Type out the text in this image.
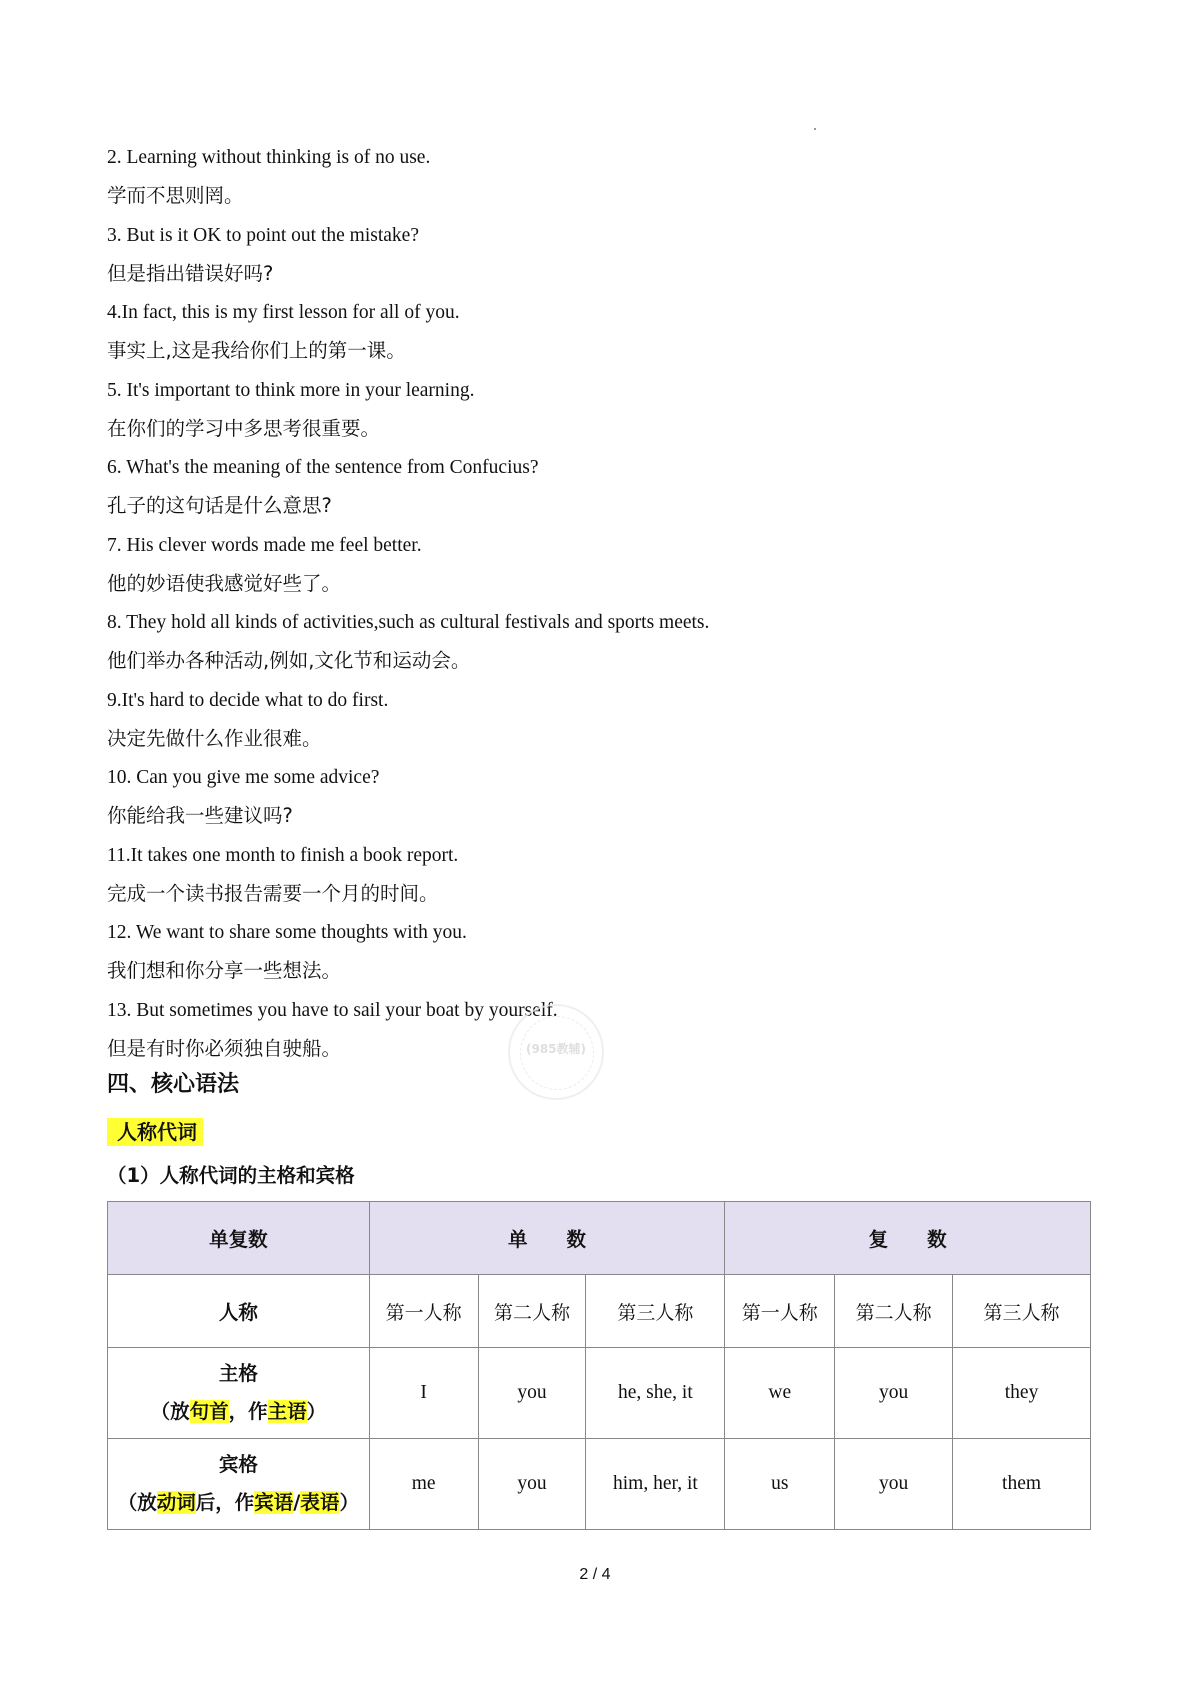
2. Learning without thinking is of no use.
学而不思则罔。
3. But is it OK to point out the mistake?
但是指出错误好吗?
4.In fact, this is my first lesson for all of you.
事实上,这是我给你们上的第一课。
5. It's important to think more in your learning.
在你们的学习中多思考很重要。
6. What's the meaning of the sentence from Confucius?
孔子的这句话是什么意思?
7. His clever words made me feel better.
他的妙语使我感觉好些了。
8. They hold all kinds of activities,such as cultural festivals and sports meets.
他们举办各种活动,例如,文化节和运动会。
9.It's hard to decide what to do first.
决定先做什么作业很难。
10. Can you give me some advice?
你能给我一些建议吗?
11.It takes one month to finish a book report.
完成一个读书报告需要一个月的时间。
12. We want to share some thoughts with you.
我们想和你分享一些想法。
13. But sometimes you have to sail your boat by yourself.
但是有时你必须独自驶船。	(985教辅)
四、核心语法
人称代词
（1）人称代词的主格和宾格
单复数	单　　数			复　　数		
人称	第一人称	第二人称	第三人称	第一人称	第二人称	第三人称

主格
（放句首，作主语）	I	you	he, she, it	we	you	they

宾格
（放动词后，作宾语/表语）	me	you	him, her, it	us	you	them
2 / 4
